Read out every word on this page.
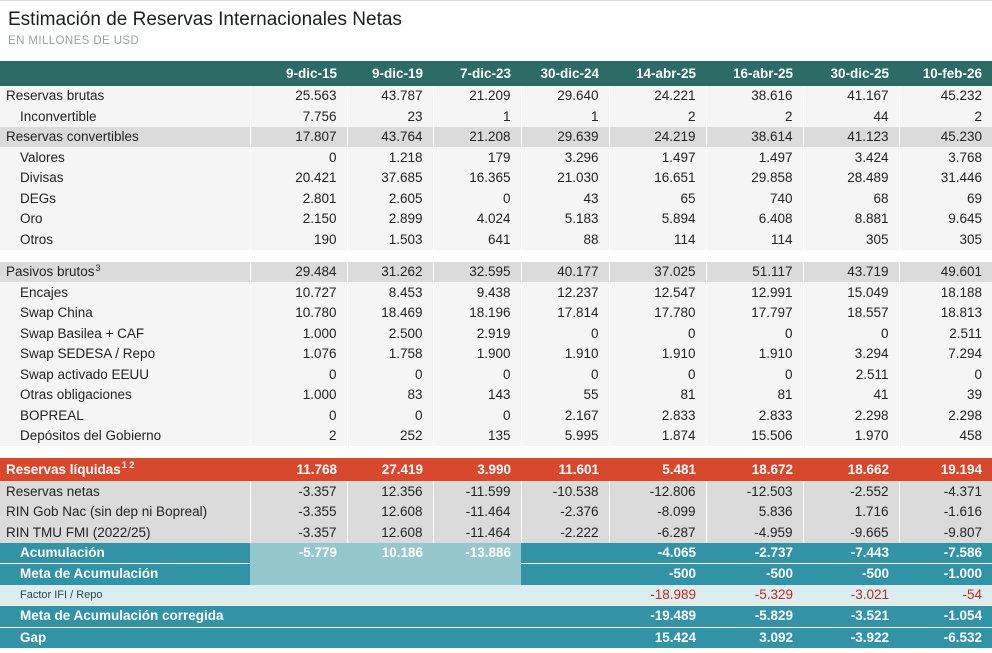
Estimación de Reservas Internacionales Netas
EN MILLONES DE USD
	9-dic-15	9-dic-19	7-dic-23	30-dic-24	14-abr-25	16-abr-25	30-dic-25	10-feb-26
Reservas brutas	25.563	43.787	21.209	29.640	24.221	38.616	41.167	45.232
Inconvertible	7.756	23	1	1	2	2	44	2
Reservas convertibles	17.807	43.764	21.208	29.639	24.219	38.614	41.123	45.230
Valores	0	1.218	179	3.296	1.497	1.497	3.424	3.768
Divisas	20.421	37.685	16.365	21.030	16.651	29.858	28.489	31.446
DEGs	2.801	2.605	0	43	65	740	68	69
Oro	2.150	2.899	4.024	5.183	5.894	6.408	8.881	9.645
Otros	190	1.503	641	88	114	114	305	305

Pasivos brutos$^3$	29.484	31.262	32.595	40.177	37.025	51.117	43.719	49.601
Encajes	10.727	8.453	9.438	12.237	12.547	12.991	15.049	18.188
Swap China	10.780	18.469	18.196	17.814	17.780	17.797	18.557	18.813
Swap Basilea + CAF	1.000	2.500	2.919	0	0	0	0	2.511
Swap SEDESA / Repo	1.076	1.758	1.900	1.910	1.910	1.910	3.294	7.294
Swap activado EEUU	0	0	0	0	0	0	2.511	0
Otras obligaciones	1.000	83	143	55	81	81	41	39
BOPREAL	0	0	0	2.167	2.833	2.833	2.298	2.298
Depósitos del Gobierno	2	252	135	5.995	1.874	15.506	1.970	458

Reservas líquidas$^{1 2}$	11.768	27.419	3.990	11.601	5.481	18.672	18.662	19.194
Reservas netas	-3.357	12.356	-11.599	-10.538	-12.806	-12.503	-2.552	-4.371
RIN Gob Nac (sin dep ni Bopreal)	-3.355	12.608	-11.464	-2.376	-8.099	5.836	1.716	-1.616
RIN TMU FMI (2022/25)	-3.357	12.608	-11.464	-2.222	-6.287	-4.959	-9.665	-9.807
Acumulación	-5.779	10.186	-13.886		-4.065	-2.737	-7.443	-7.586
Meta de Acumulación					-500	-500	-500	-1.000
Factor IFI / Repo					-18.989	-5.329	-3.021	-54
Meta de Acumulación corregida					-19.489	-5.829	-3.521	-1.054
Gap					15.424	3.092	-3.922	-6.532
